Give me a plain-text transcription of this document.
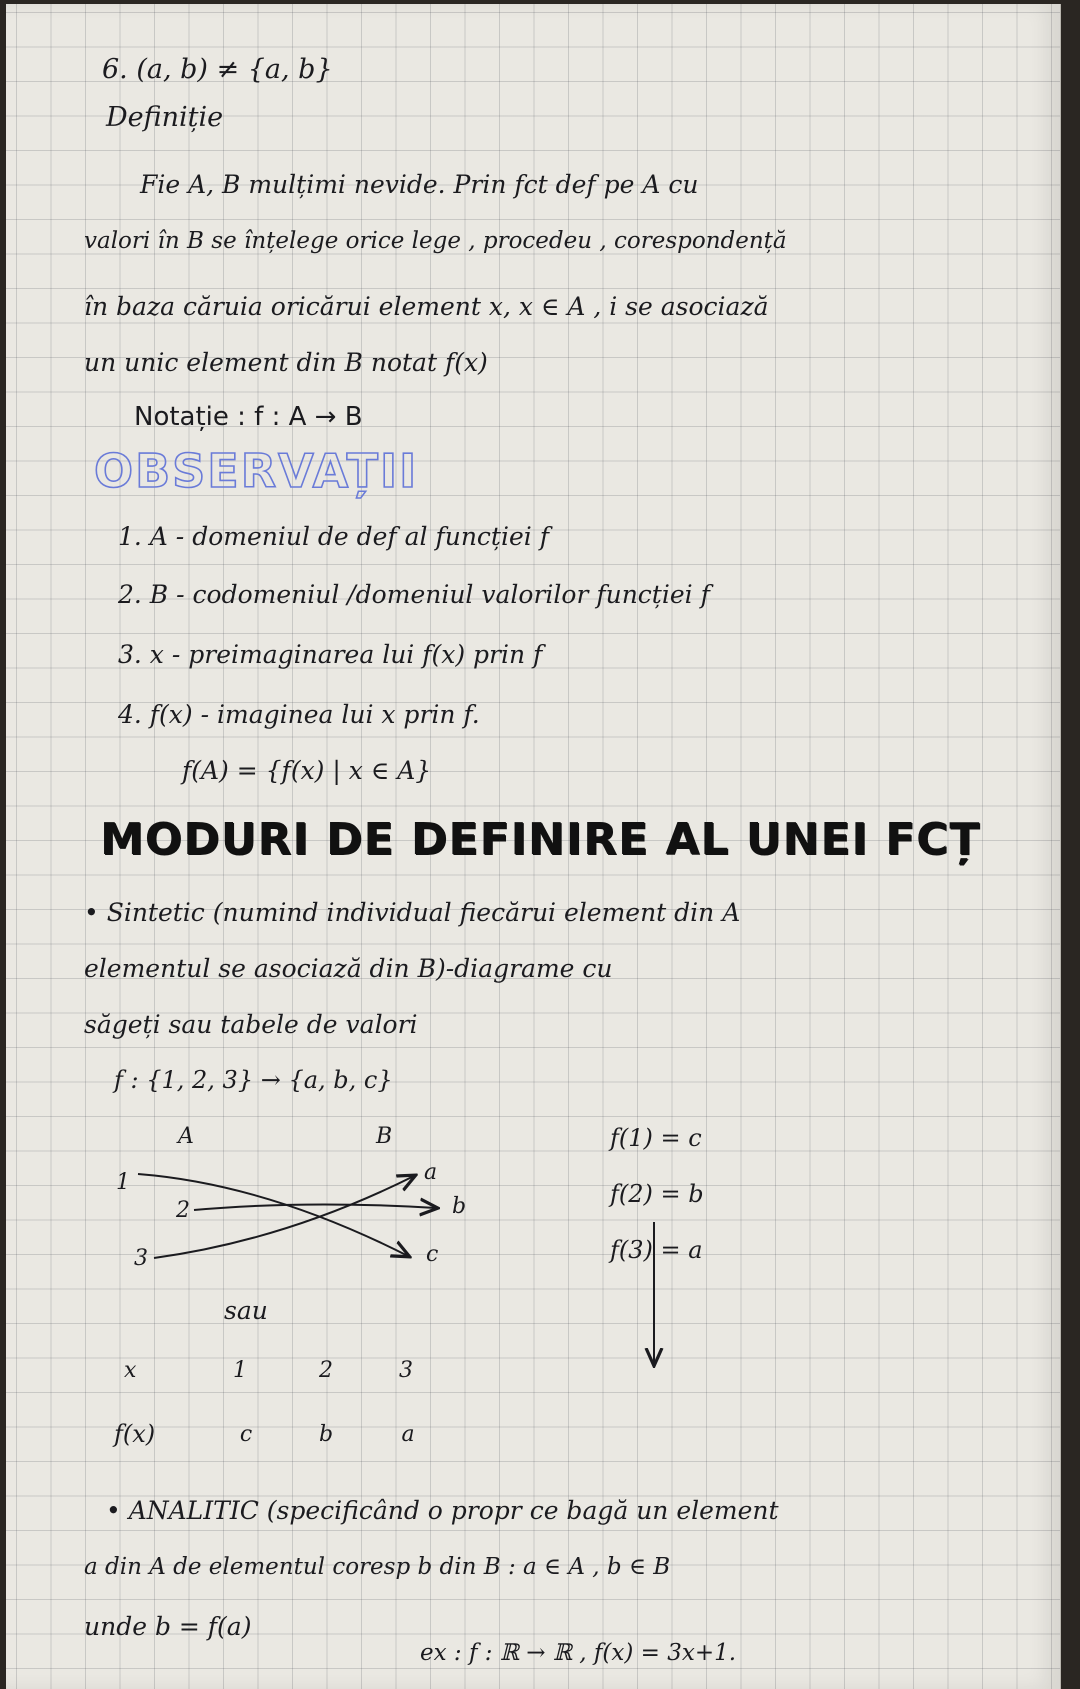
6. (a, b) ≠ {a, b}
Definiție
Fie A, B mulțimi nevide. Prin fct def pe A cu
valori în B se înțelege orice lege , procedeu , corespondență
în baza căruia oricărui element x, x ∈ A , i se asociază
un unic element din B notat f(x)
Notație : f : A → B
OBSERVAȚII
1. A - domeniul de def al funcției f
2. B - codomeniul /domeniul valorilor funcției f
3. x - preimaginarea lui f(x) prin f
4. f(x) - imaginea lui x prin f.
f(A) = {f(x) | x ∈ A}
MODURI DE DEFINIRE AL UNEI FCȚ
• Sintetic (numind individual fiecărui element din A
elementul se asociază din B)-diagrame cu
săgeți sau tabele de valori
f : {1, 2, 3} → {a, b, c}
A	B
1
2
3
a
b
c
f(1) = c
f(2) = b
f(3) = a
sau
x	1	2	3
f(x)	c	b	a
• ANALITIC (specificând o propr ce bagă un element
a din A de elementul coresp b din B : a ∈ A , b ∈ B
unde b = f(a)
ex : f : ℝ → ℝ , f(x) = 3x+1.
